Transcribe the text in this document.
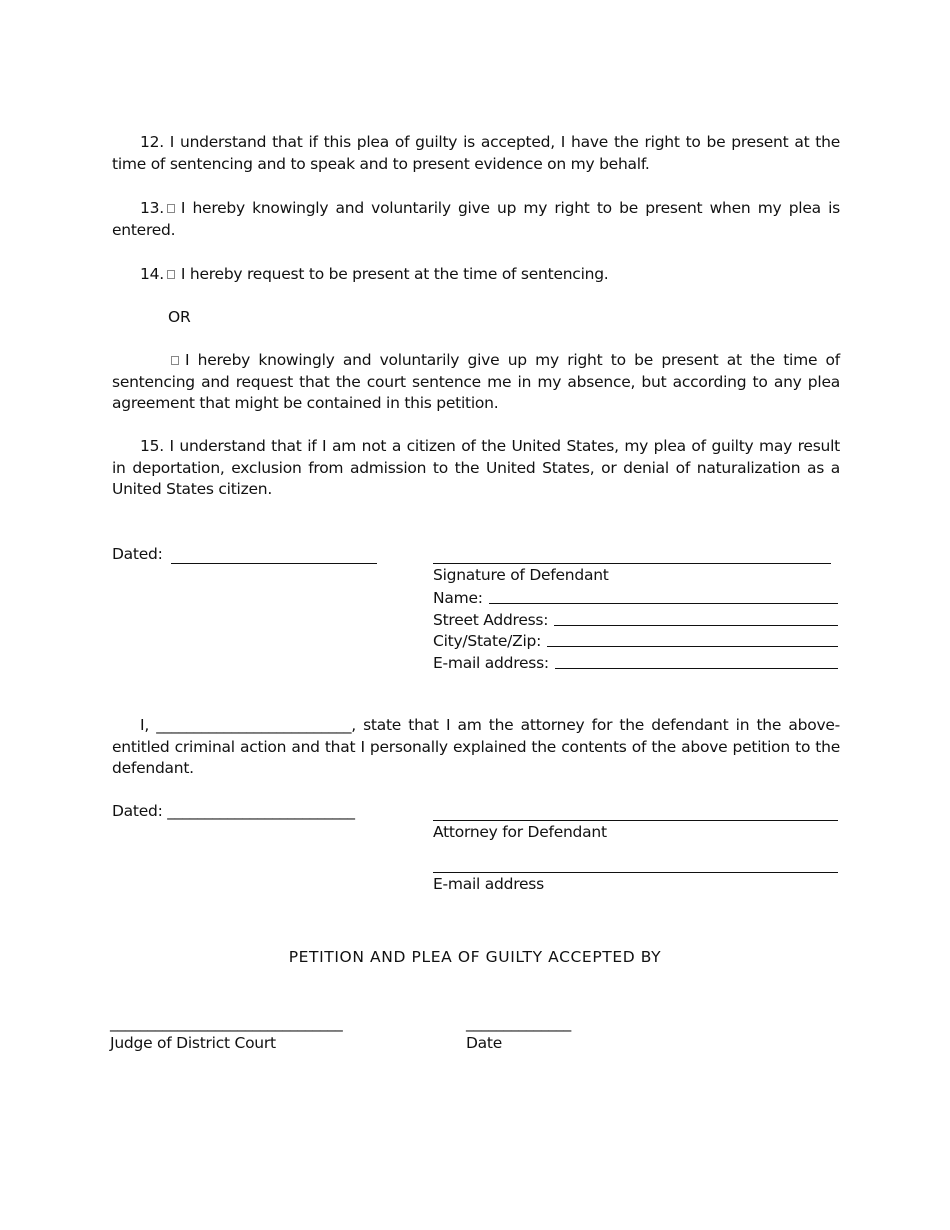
12. I understand that if this plea of guilty is accepted, I have the right to be present at the time of sentencing and to speak and to present evidence on my behalf.
13. I hereby knowingly and voluntarily give up my right to be present when my plea is entered.
14. I hereby request to be present at the time of sentencing.
OR
I hereby knowingly and voluntarily give up my right to be present at the time of sentencing and request that the court sentence me in my absence, but according to any plea agreement that might be contained in this petition.
15. I understand that if I am not a citizen of the United States, my plea of guilty may result in deportation, exclusion from admission to the United States, or denial of naturalization as a United States citizen.
Dated:
Signature of Defendant
Name:
Street Address:
City/State/Zip:
E-mail address:
I, __________________________, state that I am the attorney for the defendant in the above-entitled criminal action and that I personally explained the contents of the above petition to the defendant.
Dated: _________________________
Attorney for Defendant
E-mail address
PETITION AND PLEA OF GUILTY ACCEPTED BY
_______________________________
Judge of District Court
______________
Date
